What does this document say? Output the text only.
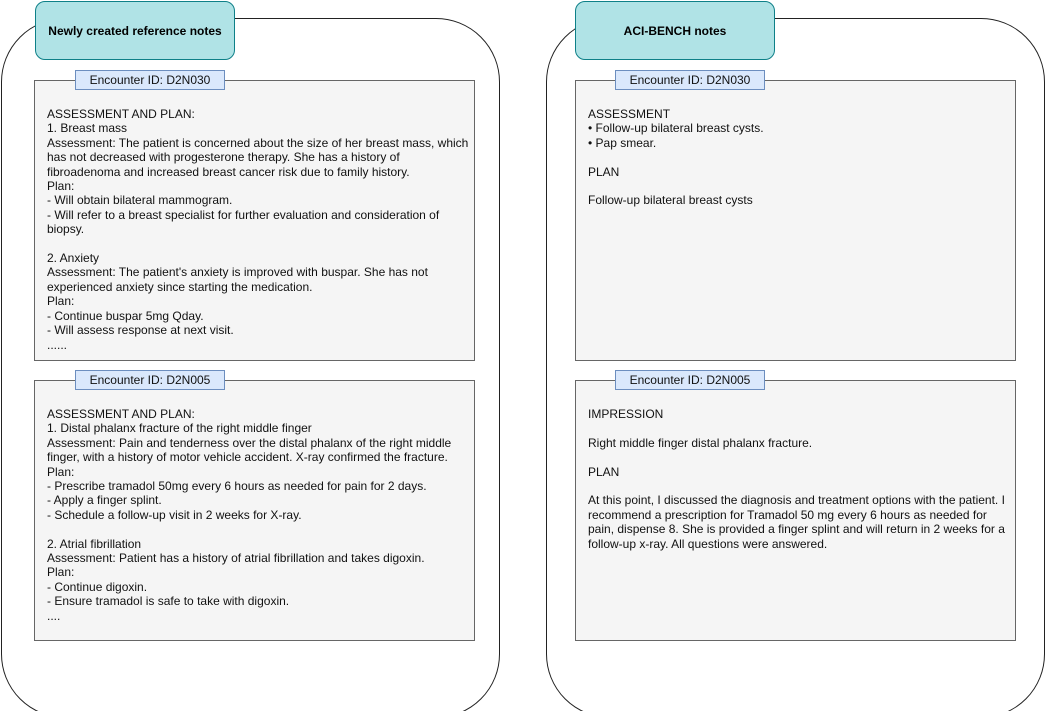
Newly created reference notes	ACI-BENCH notes
ASSESSMENT AND PLAN:
1. Breast mass
Assessment: The patient is concerned about the size of her breast mass, which has not decreased with progesterone therapy. She has a history of fibroadenoma and increased breast cancer risk due to family history.
Plan:
- Will obtain bilateral mammogram.
- Will refer to a breast specialist for further evaluation and consideration of biopsy.

2. Anxiety
Assessment: The patient's anxiety is improved with buspar. She has not experienced anxiety since starting the medication.
Plan:
- Continue buspar 5mg Qday.
- Will assess response at next visit.
......
Encounter ID: D2N030
ASSESSMENT AND PLAN:
1. Distal phalanx fracture of the right middle finger
Assessment: Pain and tenderness over the distal phalanx of the right middle finger, with a history of motor vehicle accident. X-ray confirmed the fracture.
Plan:
- Prescribe tramadol 50mg every 6 hours as needed for pain for 2 days.
- Apply a finger splint.
- Schedule a follow-up visit in 2 weeks for X-ray.

2. Atrial fibrillation
Assessment: Patient has a history of atrial fibrillation and takes digoxin.
Plan:
- Continue digoxin.
- Ensure tramadol is safe to take with digoxin.
....
Encounter ID: D2N005
ASSESSMENT
• Follow-up bilateral breast cysts.
• Pap smear.

PLAN

Follow-up bilateral breast cysts
Encounter ID: D2N030
IMPRESSION

Right middle finger distal phalanx fracture.

PLAN

At this point, I discussed the diagnosis and treatment options with the patient. I recommend a prescription for Tramadol 50 mg every 6 hours as needed for pain, dispense 8. She is provided a finger splint and will return in 2 weeks for a follow-up x-ray. All questions were answered.
Encounter ID: D2N005
